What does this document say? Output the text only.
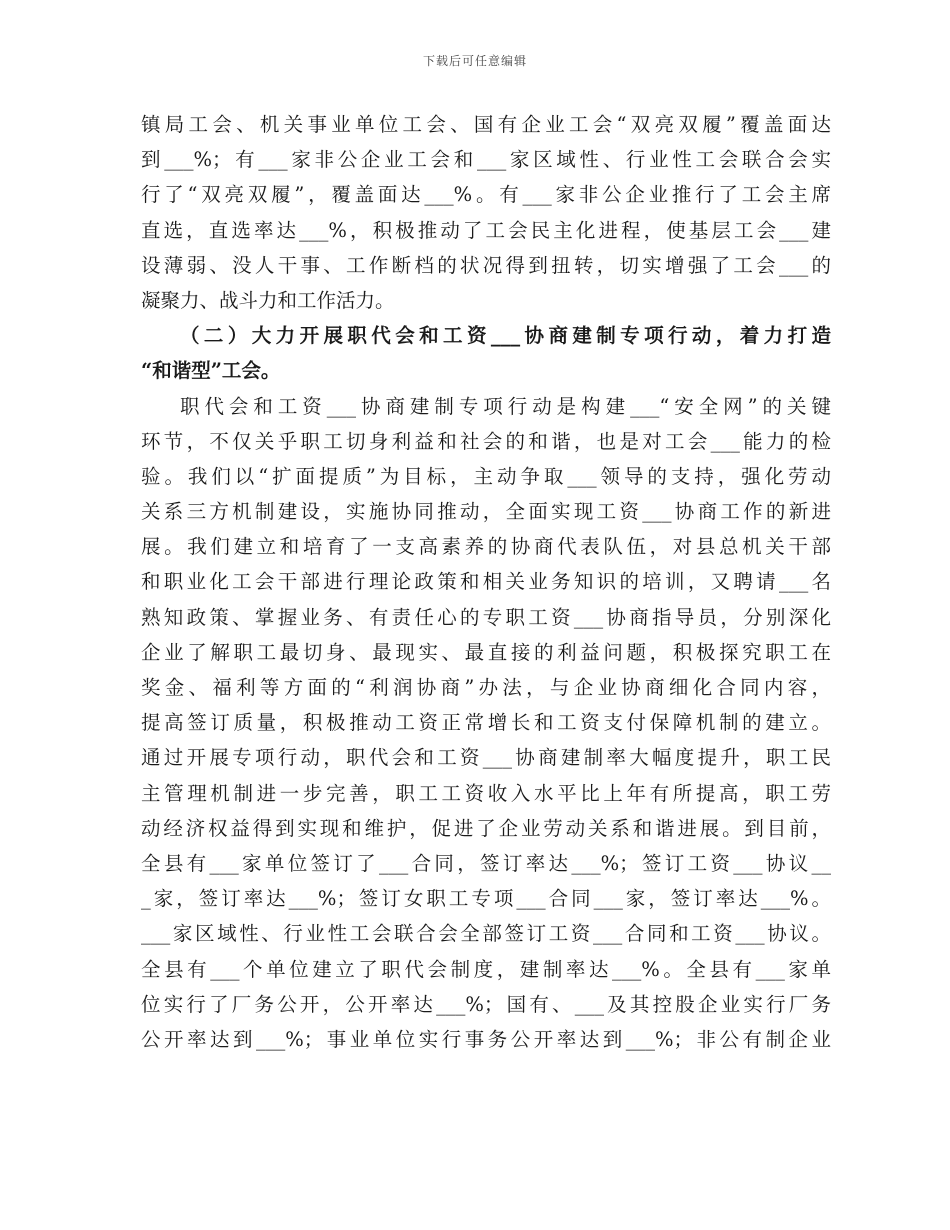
下载后可任意编辑
镇局工会、机关事业单位工会、国有企业工会“双亮双履”覆盖面达
到___%；有___家非公企业工会和___家区域性、行业性工会联合会实
行了“双亮双履”，覆盖面达___%。有___家非公企业推行了工会主席
直选，直选率达___%，积极推动了工会民主化进程，使基层工会___建
设薄弱、没人干事、工作断档的状况得到扭转，切实增强了工会___的
凝聚力、战斗力和工作活力。
（二）大力开展职代会和工资___协商建制专项行动，着力打造
“和谐型”工会。
职代会和工资___协商建制专项行动是构建___“安全网”的关键
环节，不仅关乎职工切身利益和社会的和谐，也是对工会___能力的检
验。我们以“扩面提质”为目标，主动争取___领导的支持，强化劳动
关系三方机制建设，实施协同推动，全面实现工资___协商工作的新进
展。我们建立和培育了一支高素养的协商代表队伍，对县总机关干部
和职业化工会干部进行理论政策和相关业务知识的培训，又聘请___名
熟知政策、掌握业务、有责任心的专职工资___协商指导员，分别深化
企业了解职工最切身、最现实、最直接的利益问题，积极探究职工在
奖金、福利等方面的“利润协商”办法，与企业协商细化合同内容，
提高签订质量，积极推动工资正常增长和工资支付保障机制的建立。
通过开展专项行动，职代会和工资___协商建制率大幅度提升，职工民
主管理机制进一步完善，职工工资收入水平比上年有所提高，职工劳
动经济权益得到实现和维护，促进了企业劳动关系和谐进展。到目前，
全县有___家单位签订了___合同，签订率达___%；签订工资___协议__
_家，签订率达___%；签订女职工专项___合同___家，签订率达___%。
___家区域性、行业性工会联合会全部签订工资___合同和工资___协议。
全县有___个单位建立了职代会制度，建制率达___%。全县有___家单
位实行了厂务公开，公开率达___%；国有、___及其控股企业实行厂务
公开率达到___%；事业单位实行事务公开率达到___%；非公有制企业
